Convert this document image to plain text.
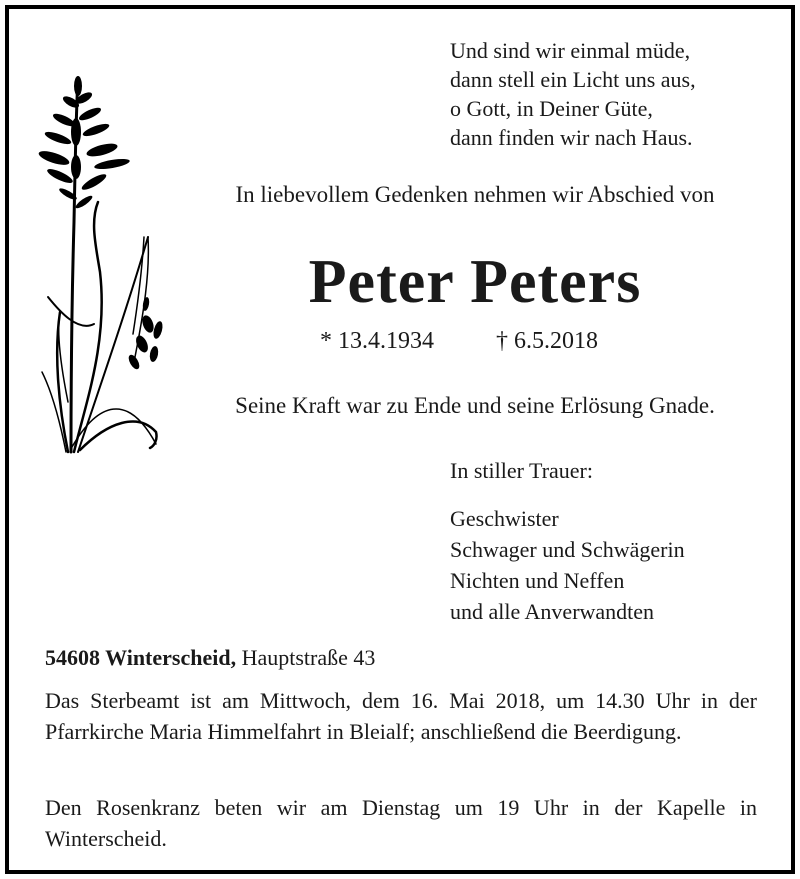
Und sind wir einmal müde,
dann stell ein Licht uns aus,
o Gott, in Deiner Güte,
dann finden wir nach Haus.
In liebevollem Gedenken nehmen wir Abschied von
Peter Peters
* 13.4.1934	† 6.5.2018
Seine Kraft war zu Ende und seine Erlösung Gnade.
In stiller Trauer:
Geschwister
Schwager und Schwägerin
Nichten und Neffen
und alle Anverwandten
54608 Winterscheid, Hauptstraße 43
Das Sterbeamt ist am Mittwoch, dem 16. Mai 2018, um 14.30 Uhr in der Pfarrkirche Maria Himmelfahrt in Bleialf; anschließend die Beerdigung.
Den Rosenkranz beten wir am Dienstag um 19 Uhr in der Kapelle in Winterscheid.
